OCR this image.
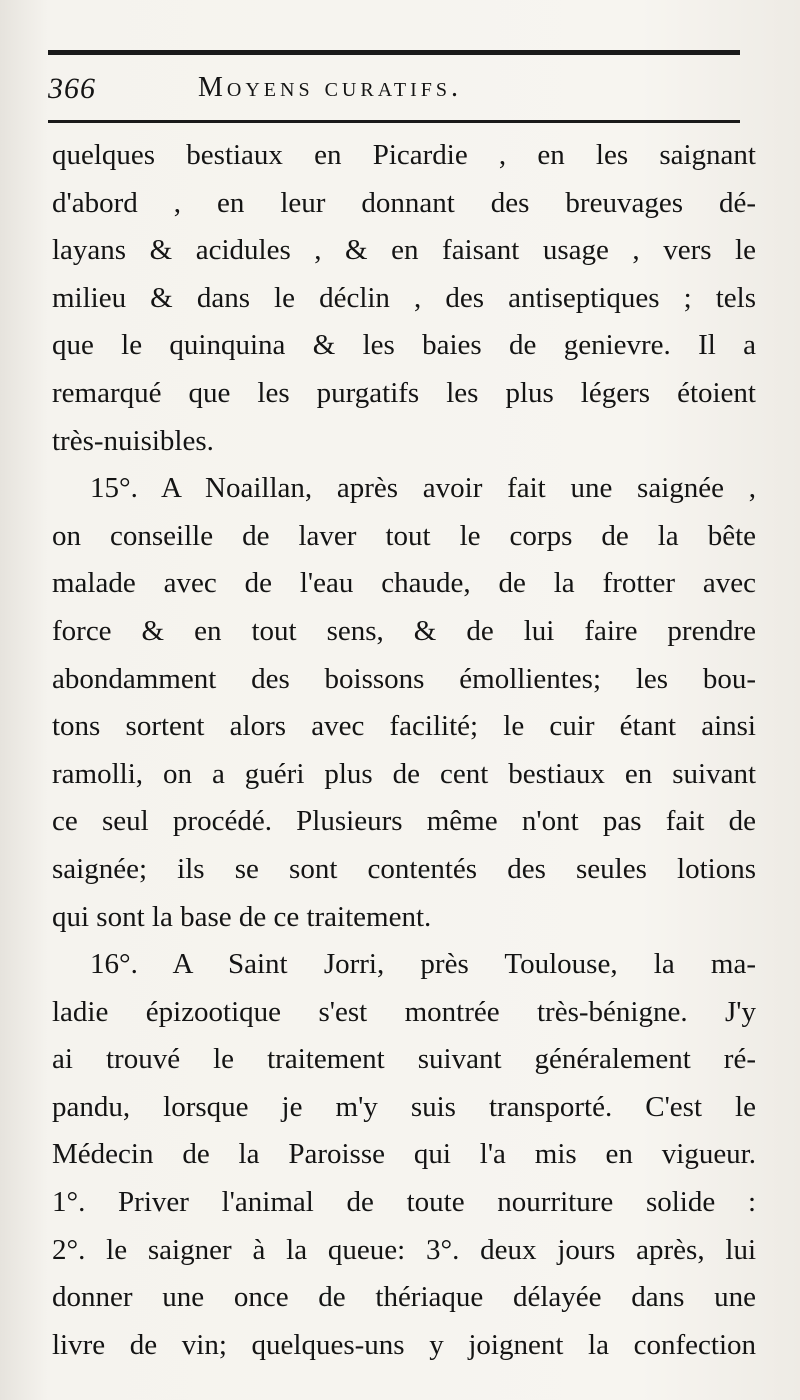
366	Moyens curatifs.
quelques bestiaux en Picardie , en les saignant
d'abord , en leur donnant des breuvages dé-
layans & acidules , & en faisant usage , vers le
milieu & dans le déclin , des antiseptiques ; tels
que le quinquina & les baies de genievre. Il a
remarqué que les purgatifs les plus légers étoient
très-nuisibles.
15°. A Noaillan, après avoir fait une saignée ,
on conseille de laver tout le corps de la bête
malade avec de l'eau chaude, de la frotter avec
force & en tout sens, & de lui faire prendre
abondamment des boissons émollientes; les bou-
tons sortent alors avec facilité; le cuir étant ainsi
ramolli, on a guéri plus de cent bestiaux en suivant
ce seul procédé. Plusieurs même n'ont pas fait de
saignée; ils se sont contentés des seules lotions
qui sont la base de ce traitement.
16°. A Saint Jorri, près Toulouse, la ma-
ladie épizootique s'est montrée très-bénigne. J'y
ai trouvé le traitement suivant généralement ré-
pandu, lorsque je m'y suis transporté. C'est le
Médecin de la Paroisse qui l'a mis en vigueur.
1°. Priver l'animal de toute nourriture solide :
2°. le saigner à la queue: 3°. deux jours après, lui
donner une once de thériaque délayée dans une
livre de vin; quelques-uns y joignent la confection
